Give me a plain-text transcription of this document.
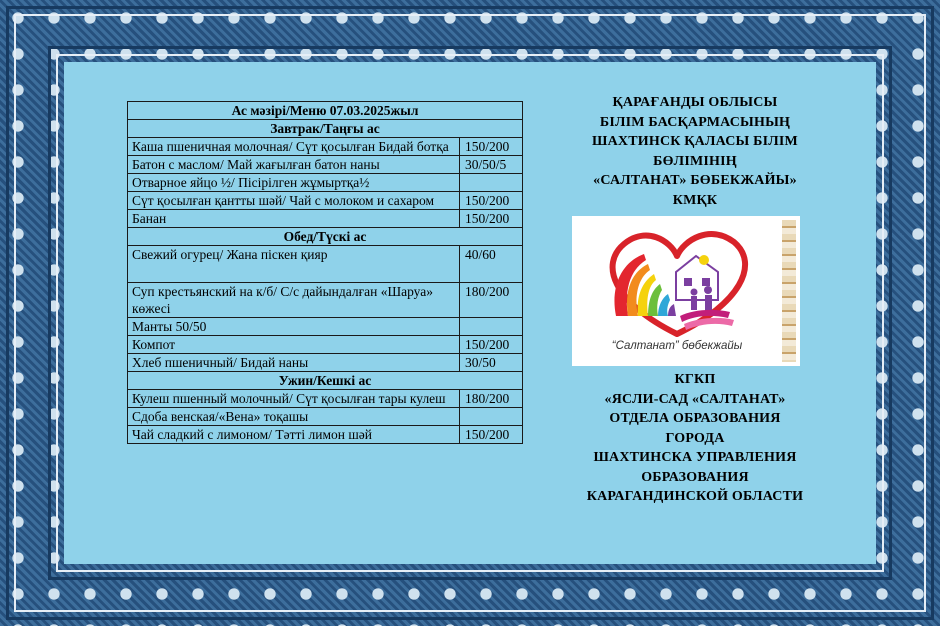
Ас мәзірі/Меню 07.03.2025жыл	
Завтрак/Таңғы ас	
Каша пшеничная молочная/ Сүт қосылған Бидай ботқа	150/200
Батон с маслом/ Май жағылған батон наны	30/50/5
Отварное яйцо ½/ Пісірілген жұмыртқа½	
Сүт қосылған қантты шәй/ Чай с молоком и сахаром	150/200
Банан	150/200
Обед/Түскі ас	
Свежий огурец/ Жана піскен қияр	40/60
Суп крестьянский на к/б/ С/с дайындалған «Шаруа» көжесі	180/200
Манты 50/50	
Компот	150/200
Хлеб пшеничный/ Бидай наны	30/50
Ужин/Кешкі ас	
Кулеш пшенный молочный/ Сүт қосылған тары кулеш	180/200
Сдоба венская/«Вена» тоқашы	
Чай сладкий с лимоном/ Тәтті лимон шәй	150/200
ҚАРАҒАНДЫ ОБЛЫСЫ
БІЛІМ БАСҚАРМАСЫНЫҢ
ШАХТИНСК ҚАЛАСЫ БІЛІМ
БӨЛІМІНІҢ
«САЛТАНАТ» БӨБЕКЖАЙЫ»
КМҚК
“Салтанат” бөбекжайы
КГКП
«ЯСЛИ-САД «САЛТАНАТ»
ОТДЕЛА ОБРАЗОВАНИЯ
ГОРОДА
ШАХТИНСКА УПРАВЛЕНИЯ
ОБРАЗОВАНИЯ
КАРАГАНДИНСКОЙ ОБЛАСТИ
